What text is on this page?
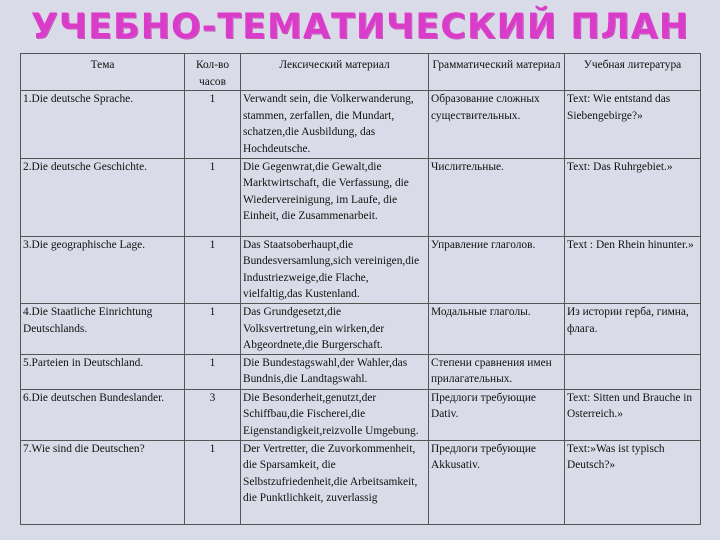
УЧЕБНО-ТЕМАТИЧЕСКИЙ ПЛАН
Тема	Кол-во часов	Лексический материал	Грамматический материал	Учебная литература
1.Die deutsche Sprache.	1	Verwandt sein, die Volkerwanderung, stammen, zerfallen, die Mundart, schatzen,die Ausbildung, das Hochdeutsche.	Образование сложных существительных.	Text: Wie entstand das Siebengebirge?»
2.Die deutsche Geschichte.	1	Die Gegenwrat,die Gewalt,die Marktwirtschaft, die Verfassung, die Wiedervereinigung, im Laufe, die Einheit, die Zusammenarbeit.	Числительные.	Text: Das Ruhrgebiet.»
3.Die geographische Lage.	1	Das Staatsoberhaupt,die Bundesversamlung,sich vereinigen,die Industriezweige,die Flache, vielfaltig,das Kustenland.	Управление глаголов.	Text : Den Rhein hinunter.»
4.Die Staatliche Einrichtung Deutschlands.	1	Das Grundgesetzt,die Volksvertretung,ein wirken,der Abgeordnete,die Burgerschaft.	Модальные глаголы.	Из истории герба, гимна, флага.
5.Parteien in Deutschland.	1	Die Bundestagswahl,der Wahler,das Bundnis,die Landtagswahl.	Степени сравнения имен прилагательных.	
6.Die deutschen Bundeslander.	3	Die Besonderheit,genutzt,der Schiffbau,die Fischerei,die Eigenstandigkeit,reizvolle Umgebung.	Предлоги требующие Dativ.	Text: Sitten und Brauche in Osterreich.»
7.Wie sind die Deutschen?	1	Der Vertretter, die Zuvorkommenheit, die Sparsamkeit, die Selbstzufriedenheit,die Arbeitsamkeit, die Punktlichkeit, zuverlassig	Предлоги требующие Akkusativ.	Text:»Was ist typisch Deutsch?»
